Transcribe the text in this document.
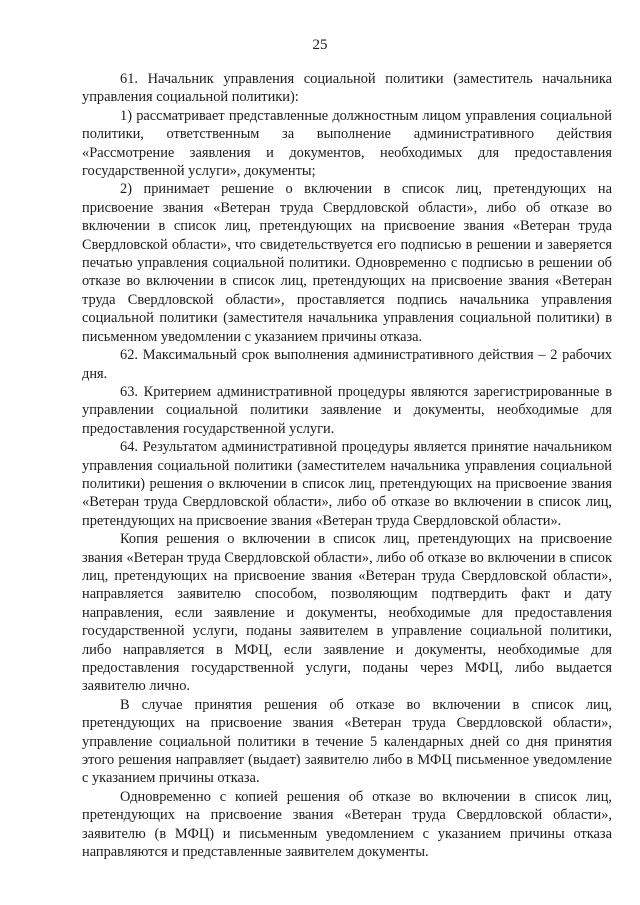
25

61. Начальник управления социальной политики (заместитель начальника управления социальной политики):

1) рассматривает представленные должностным лицом управления социальной политики, ответственным за выполнение административного действия «Рассмотрение заявления и документов, необходимых для предоставления государственной услуги», документы;

2) принимает решение о включении в список лиц, претендующих на присвоение звания «Ветеран труда Свердловской области», либо об отказе во включении в список лиц, претендующих на присвоение звания «Ветеран труда Свердловской области», что свидетельствуется его подписью в решении и заверяется печатью управления социальной политики. Одновременно с подписью в решении об отказе во включении в список лиц, претендующих на присвоение звания «Ветеран труда Свердловской области», проставляется подпись начальника управления социальной политики (заместителя начальника управления социальной политики) в письменном уведомлении с указанием причины отказа.

62. Максимальный срок выполнения административного действия – 2 рабочих дня.

63. Критерием административной процедуры являются зарегистрированные в управлении социальной политики заявление и документы, необходимые для предоставления государственной услуги.

64. Результатом административной процедуры является принятие начальником управления социальной политики (заместителем начальника управления социальной политики) решения о включении в список лиц, претендующих на присвоение звания «Ветеран труда Свердловской области», либо об отказе во включении в список лиц, претендующих на присвоение звания «Ветеран труда Свердловской области».

Копия решения о включении в список лиц, претендующих на присвоение звания «Ветеран труда Свердловской области», либо об отказе во включении в список лиц, претендующих на присвоение звания «Ветеран труда Свердловской области», направляется заявителю способом, позволяющим подтвердить факт и дату направления, если заявление и документы, необходимые для предоставления государственной услуги, поданы заявителем в управление социальной политики, либо направляется в МФЦ, если заявление и документы, необходимые для предоставления государственной услуги, поданы через МФЦ, либо выдается заявителю лично.

В случае принятия решения об отказе во включении в список лиц, претендующих на присвоение звания «Ветеран труда Свердловской области», управление социальной политики в течение 5 календарных дней со дня принятия этого решения направляет (выдает) заявителю либо в МФЦ письменное уведомление с указанием причины отказа.

Одновременно с копией решения об отказе во включении в список лиц, претендующих на присвоение звания «Ветеран труда Свердловской области», заявителю (в МФЦ) и письменным уведомлением с указанием причины отказа направляются и представленные заявителем документы.
